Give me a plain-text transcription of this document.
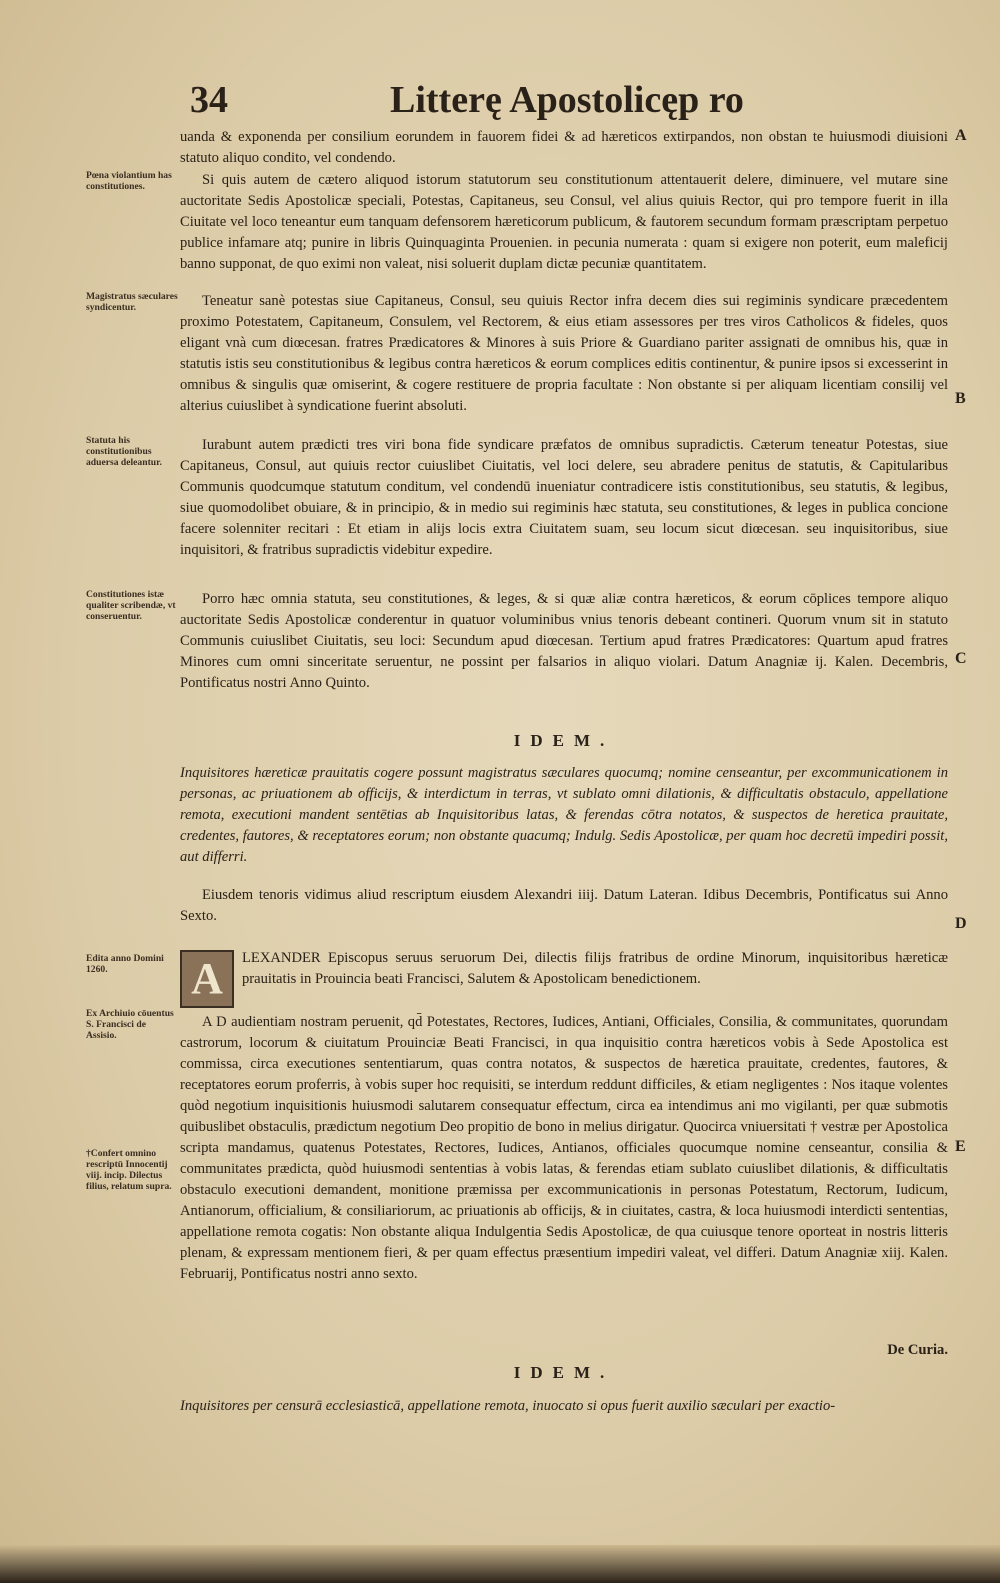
34	Litterę Apostolicęp ro
Pœna violantium has constitutiones.
Magistratus sæculares syndicentur.
Statuta his constitutionibus aduersa deleantur.
Constitutiones istæ qualiter scribendæ, vt conseruentur.
Edita anno Domini 1260.
Ex Archiuio cōuentus S. Francisci de Assisio.
†Confert omnino rescriptū Innocentij viij. incip. Dilectus filius, relatum supra.
A
B
C
D
E

uanda & exponenda per consilium eorundem in fauorem fidei & ad hæreticos extirpandos, non obstan te huiusmodi diuisioni statuto aliquo condito, vel condendo.

Si quis autem de cætero aliquod istorum statutorum seu constitutionum attentauerit delere, diminuere, vel mutare sine auctoritate Sedis Apostolicæ speciali, Potestas, Capitaneus, seu Consul, vel alius quiuis Rector, qui pro tempore fuerit in illa Ciuitate vel loco teneantur eum tanquam defensorem hæreticorum publicum, & fautorem secundum formam præscriptam perpetuo publice infamare atq; punire in libris Quinquaginta Prouenien. in pecunia numerata : quam si exigere non poterit, eum maleficij banno supponat, de quo eximi non valeat, nisi soluerit duplam dictæ pecuniæ quantitatem.

Teneatur sanè potestas siue Capitaneus, Consul, seu quiuis Rector infra decem dies sui regiminis syndicare præcedentem proximo Potestatem, Capitaneum, Consulem, vel Rectorem, & eius etiam assessores per tres viros Catholicos & fideles, quos eligant vnà cum diœcesan. fratres Prædicatores & Minores à suis Priore & Guardiano pariter assignati de omnibus his, quæ in statutis istis seu constitutionibus & legibus contra hæreticos & eorum complices editis continentur, & punire ipsos si excesserint in omnibus & singulis quæ omiserint, & cogere restituere de propria facultate : Non obstante si per aliquam licentiam consilij vel alterius cuiuslibet à syndicatione fuerint absoluti.

Iurabunt autem prædicti tres viri bona fide syndicare præfatos de omnibus supradictis. Cæterum teneatur Potestas, siue Capitaneus, Consul, aut quiuis rector cuiuslibet Ciuitatis, vel loci delere, seu abradere penitus de statutis, & Capitularibus Communis quodcumque statutum conditum, vel condendū inueniatur contradicere istis constitutionibus, seu statutis, & legibus, siue quomodolibet obuiare, & in principio, & in medio sui regiminis hæc statuta, seu constitutiones, & leges in publica concione facere solenniter recitari : Et etiam in alijs locis extra Ciuitatem suam, seu locum sicut diœcesan. seu inquisitoribus, siue inquisitori, & fratribus supradictis videbitur expedire.

Porro hæc omnia statuta, seu constitutiones, & leges, & si quæ aliæ contra hæreticos, & eorum cōplices tempore aliquo auctoritate Sedis Apostolicæ conderentur in quatuor voluminibus vnius tenoris debeant contineri. Quorum vnum sit in statuto Communis cuiuslibet Ciuitatis, seu loci: Secundum apud diœcesan. Tertium apud fratres Prædicatores: Quartum apud fratres Minores cum omni sinceritate seruentur, ne possint per falsarios in aliquo violari. Datum Anagniæ ij. Kalen. Decembris, Pontificatus nostri Anno Quinto.

IDEM.

Inquisitores hæreticæ prauitatis cogere possunt magistratus sæculares quocumq; nomine censeantur, per excommunicationem in personas, ac priuationem ab officijs, & interdictum in terras, vt sublato omni dilationis, & difficultatis obstaculo, appellatione remota, executioni mandent sentētias ab Inquisitoribus latas, & ferendas cōtra notatos, & suspectos de heretica prauitate, credentes, fautores, & receptatores eorum; non obstante quacumq; Indulg. Sedis Apostolicæ, per quam hoc decretū impediri possit, aut differri.

Eiusdem tenoris vidimus aliud rescriptum eiusdem Alexandri iiij. Datum Lateran. Idibus Decembris, Pontificatus sui Anno Sexto.

A	LEXANDER Episcopus seruus seruorum Dei, dilectis filijs fratribus de ordine Minorum, inquisitoribus hæreticæ prauitatis in Prouincia beati Francisci, Salutem & Apostolicam benedictionem.

A D audientiam nostram peruenit, qd̄ Potestates, Rectores, Iudices, Antiani, Officiales, Consilia, & communitates, quorundam castrorum, locorum & ciuitatum Prouinciæ Beati Francisci, in qua inquisitio contra hæreticos vobis à Sede Apostolica est commissa, circa executiones sententiarum, quas contra notatos, & suspectos de hæretica prauitate, credentes, fautores, & receptatores eorum proferris, à vobis super hoc requisiti, se interdum reddunt difficiles, & etiam negligentes : Nos itaque volentes quòd negotium inquisitionis huiusmodi salutarem consequatur effectum, circa ea intendimus ani mo vigilanti, per quæ submotis quibuslibet obstaculis, prædictum negotium Deo propitio de bono in melius dirigatur. Quocirca vniuersitati † vestræ per Apostolica scripta mandamus, quatenus Potestates, Rectores, Iudices, Antianos, officiales quocumque nomine censeantur, consilia & communitates prædicta, quòd huiusmodi sententias à vobis latas, & ferendas etiam sublato cuiuslibet dilationis, & difficultatis obstaculo executioni demandent, monitione præmissa per excommunicationis in personas Potestatum, Rectorum, Iudicum, Antianorum, officialium, & consiliariorum, ac priuationis ab officijs, & in ciuitates, castra, & loca huiusmodi interdicti sententias, appellatione remota cogatis: Non obstante aliqua Indulgentia Sedis Apostolicæ, de qua cuiusque tenore oporteat in nostris litteris plenam, & expressam mentionem fieri, & per quam effectus præsentium impediri valeat, vel differi. Datum Anagniæ xiij. Kalen. Februarij, Pontificatus nostri anno sexto.

De Curia.
IDEM.

Inquisitores per censurā ecclesiasticā, appellatione remota, inuocato si opus fuerit auxilio sæculari per exactio-
